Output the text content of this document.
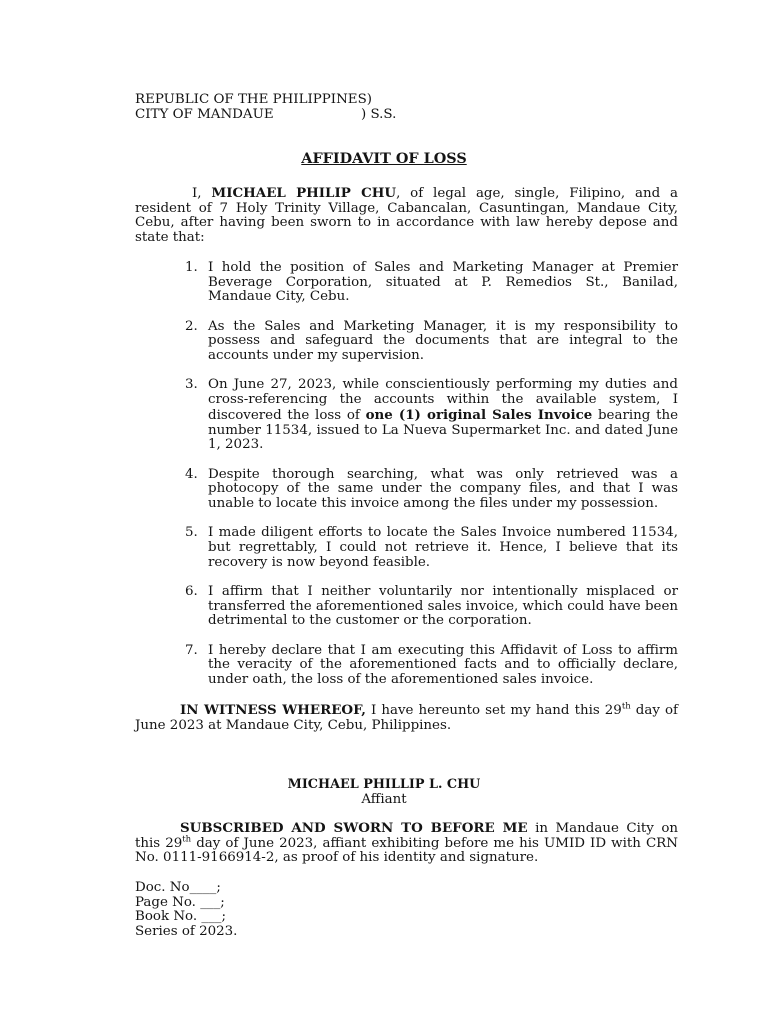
REPUBLIC OF THE PHILIPPINES)
CITY OF MANDAUE	) S.S.
AFFIDAVIT OF LOSS

I, MICHAEL PHILIP CHU, of legal age, single, Filipino, and a resident of 7 Holy Trinity Village, Cabancalan, Casuntingan, Mandaue City, Cebu, after having been sworn to in accordance with law hereby depose and state that:

1. I hold the position of Sales and Marketing Manager at Premier Beverage Corporation, situated at P. Remedios St., Banilad, Mandaue City, Cebu.
2. As the Sales and Marketing Manager, it is my responsibility to possess and safeguard the documents that are integral to the accounts under my supervision.
3. On June 27, 2023, while conscientiously performing my duties and cross-referencing the accounts within the available system, I discovered the loss of one (1) original Sales Invoice bearing the number 11534, issued to La Nueva Supermarket Inc. and dated June 1, 2023.
4. Despite thorough searching, what was only retrieved was a photocopy of the same under the company files, and that I was unable to locate this invoice among the files under my possession.
5. I made diligent efforts to locate the Sales Invoice numbered 11534, but regrettably, I could not retrieve it. Hence, I believe that its recovery is now beyond feasible.
6. I affirm that I neither voluntarily nor intentionally misplaced or transferred the aforementioned sales invoice, which could have been detrimental to the customer or the corporation.
7. I hereby declare that I am executing this Affidavit of Loss to affirm the veracity of the aforementioned facts and to officially declare, under oath, the loss of the aforementioned sales invoice.

IN WITNESS WHEREOF, I have hereunto set my hand this 29th day of June 2023 at Mandaue City, Cebu, Philippines.

MICHAEL PHILLIP L. CHU
Affiant

SUBSCRIBED AND SWORN TO BEFORE ME in Mandaue City on this 29th day of June 2023, affiant exhibiting before me his UMID ID with CRN No. 0111-9166914-2, as proof of his identity and signature.

Doc. No____;
Page No. ___;
Book No. ___;
Series of 2023.
